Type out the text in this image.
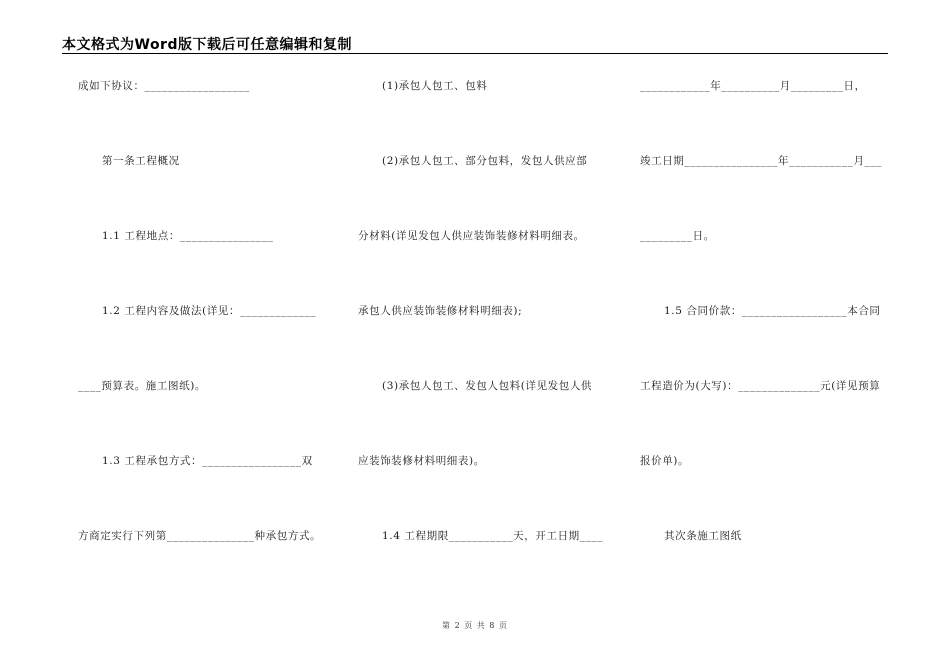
本文格式为Word版下载后可任意编辑和复制
成如下协议：__________________
第一条工程概况
1.1 工程地点：________________
1.2 工程内容及做法(详见：_____________
____预算表。施工图纸)。
1.3 工程承包方式：_________________双
方商定实行下列第_______________种承包方式。
(1)承包人包工、包料
(2)承包人包工、部分包料，发包人供应部
分材料(详见发包人供应装饰装修材料明细表。
承包人供应装饰装修材料明细表);
(3)承包人包工、发包人包料(详见发包人供
应装饰装修材料明细表)。
1.4 工程期限___________天，开工日期____
____________年__________月_________日，
竣工日期________________年___________月___
_________日。
1.5 合同价款：__________________本合同
工程造价为(大写)：______________元(详见预算
报价单)。
其次条施工图纸
第 2 页 共 8 页
